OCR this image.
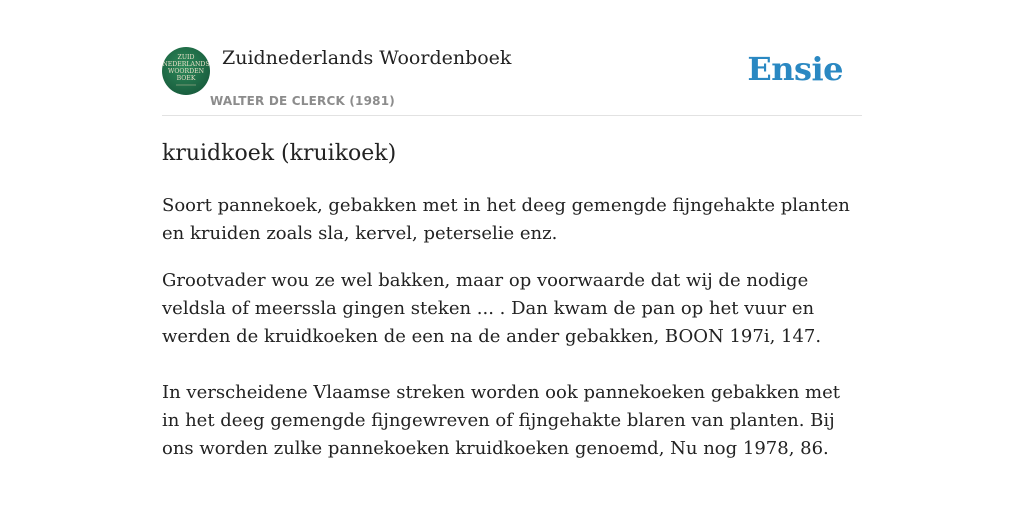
ZUID
NEDERLANDS
WOORDEN
BOEK
Zuidnederlands Woordenboek
WALTER DE CLERCK (1981)
Ensie
kruidkoek (kruikoek)

Soort pannekoek, gebakken met in het deeg gemengde fijngehakte planten en kruiden zoals sla, kervel, peterselie enz.

Grootvader wou ze wel bakken, maar op voorwaarde dat wij de nodige veldsla of meerssla gingen steken ... . Dan kwam de pan op het vuur en werden de kruidkoeken de een na de ander gebakken, BOON 197i, 147.

In verscheidene Vlaamse streken worden ook pannekoeken gebakken met in het deeg gemengde fijngewreven of fijngehakte blaren van planten. Bij ons worden zulke pannekoeken kruidkoeken genoemd, Nu nog 1978, 86.
